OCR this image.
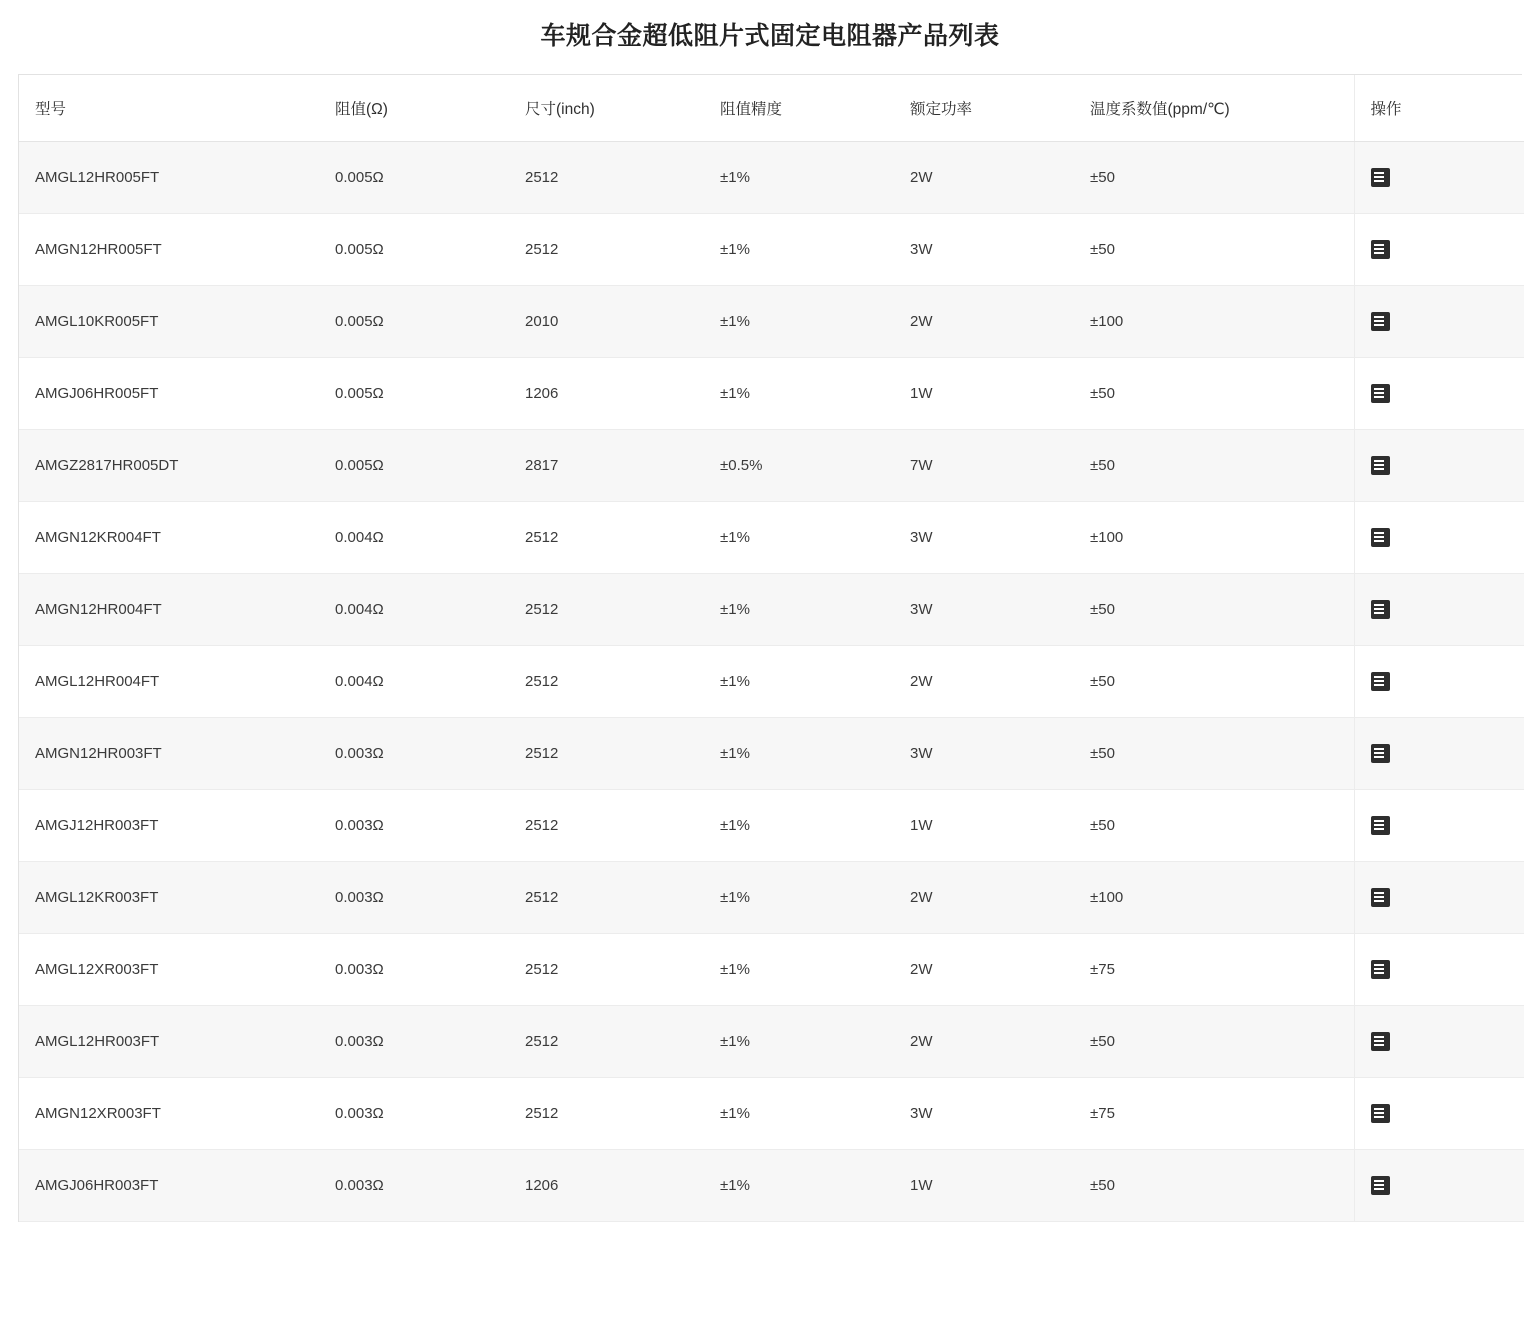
车规合金超低阻片式固定电阻器产品列表
型号	阻值(Ω)	尺寸(inch)	阻值精度	额定功率	温度系数值(ppm/℃)	操作
AMGL12HR005FT	0.005Ω	2512	±1%	2W	±50	
AMGN12HR005FT	0.005Ω	2512	±1%	3W	±50	
AMGL10KR005FT	0.005Ω	2010	±1%	2W	±100	
AMGJ06HR005FT	0.005Ω	1206	±1%	1W	±50	
AMGZ2817HR005DT	0.005Ω	2817	±0.5%	7W	±50	
AMGN12KR004FT	0.004Ω	2512	±1%	3W	±100	
AMGN12HR004FT	0.004Ω	2512	±1%	3W	±50	
AMGL12HR004FT	0.004Ω	2512	±1%	2W	±50	
AMGN12HR003FT	0.003Ω	2512	±1%	3W	±50	
AMGJ12HR003FT	0.003Ω	2512	±1%	1W	±50	
AMGL12KR003FT	0.003Ω	2512	±1%	2W	±100	
AMGL12XR003FT	0.003Ω	2512	±1%	2W	±75	
AMGL12HR003FT	0.003Ω	2512	±1%	2W	±50	
AMGN12XR003FT	0.003Ω	2512	±1%	3W	±75	
AMGJ06HR003FT	0.003Ω	1206	±1%	1W	±50	
